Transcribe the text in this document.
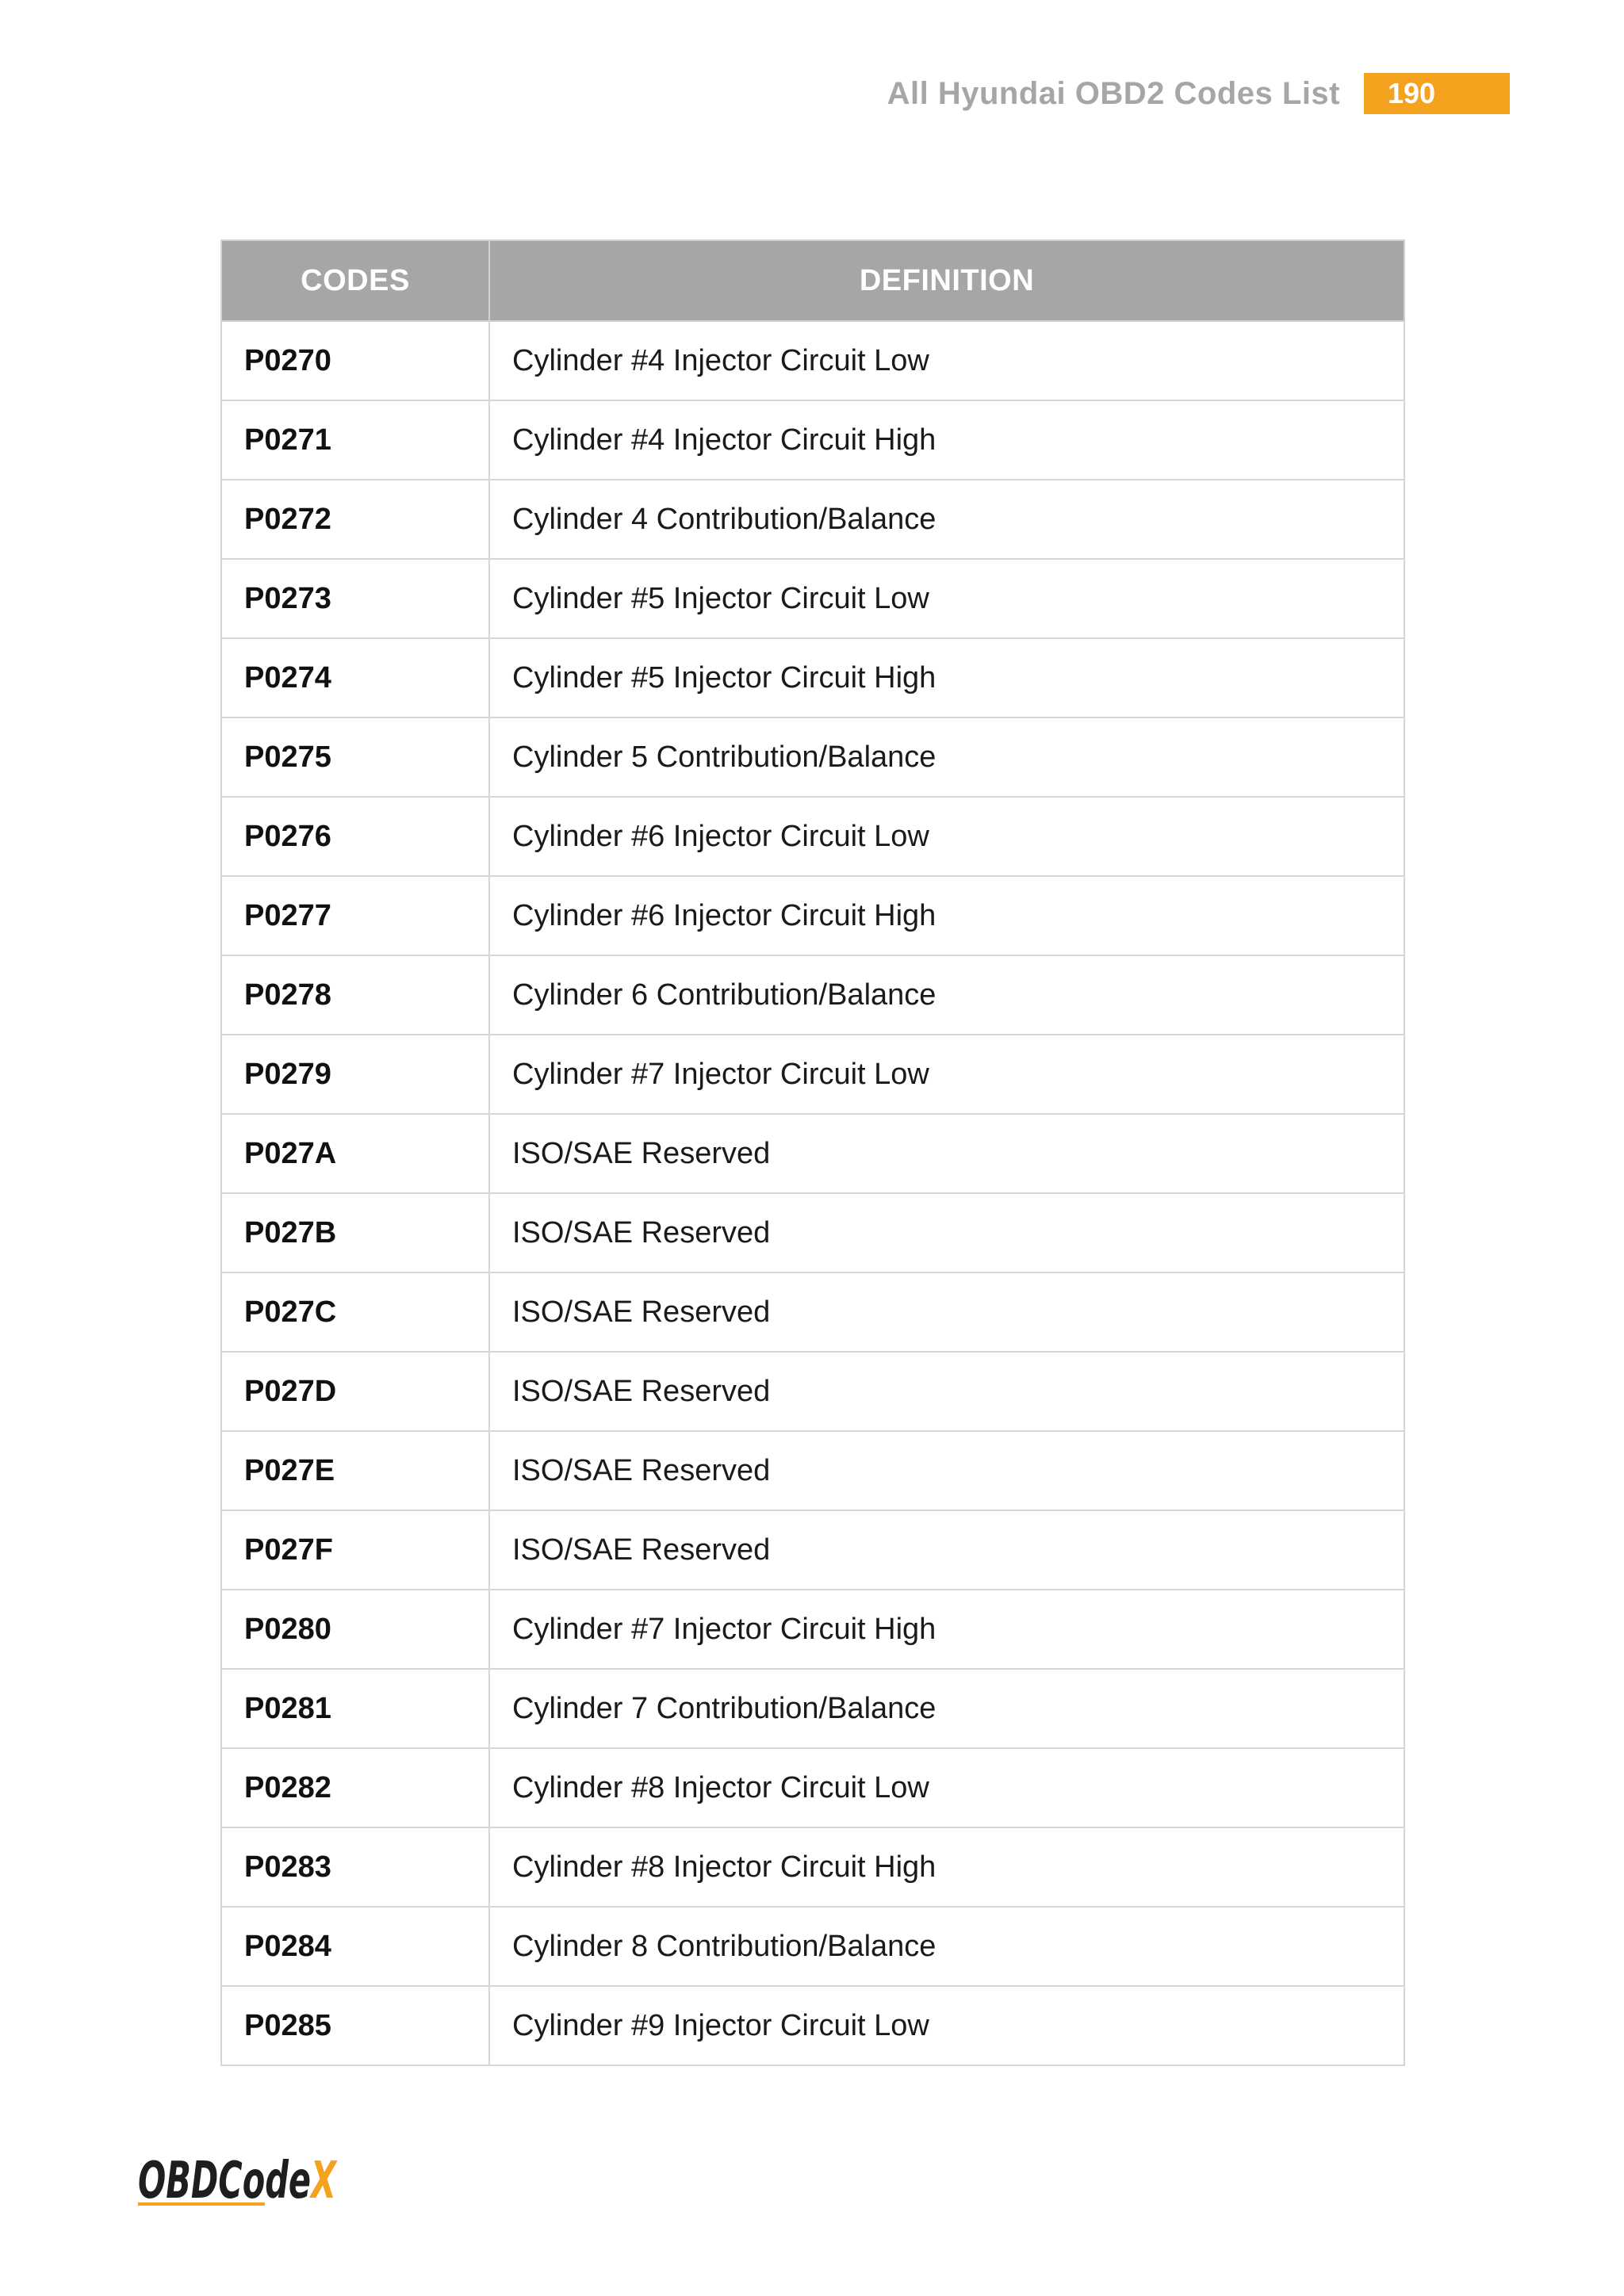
All Hyundai OBD2 Codes List	190
CODES	DEFINITION
P0270	Cylinder #4 Injector Circuit Low
P0271	Cylinder #4 Injector Circuit High
P0272	Cylinder 4 Contribution/Balance
P0273	Cylinder #5 Injector Circuit Low
P0274	Cylinder #5 Injector Circuit High
P0275	Cylinder 5 Contribution/Balance
P0276	Cylinder #6 Injector Circuit Low
P0277	Cylinder #6 Injector Circuit High
P0278	Cylinder 6 Contribution/Balance
P0279	Cylinder #7 Injector Circuit Low
P027A	ISO/SAE Reserved
P027B	ISO/SAE Reserved
P027C	ISO/SAE Reserved
P027D	ISO/SAE Reserved
P027E	ISO/SAE Reserved
P027F	ISO/SAE Reserved
P0280	Cylinder #7 Injector Circuit High
P0281	Cylinder 7 Contribution/Balance
P0282	Cylinder #8 Injector Circuit Low
P0283	Cylinder #8 Injector Circuit High
P0284	Cylinder 8 Contribution/Balance
P0285	Cylinder #9 Injector Circuit Low
OBDCod X
